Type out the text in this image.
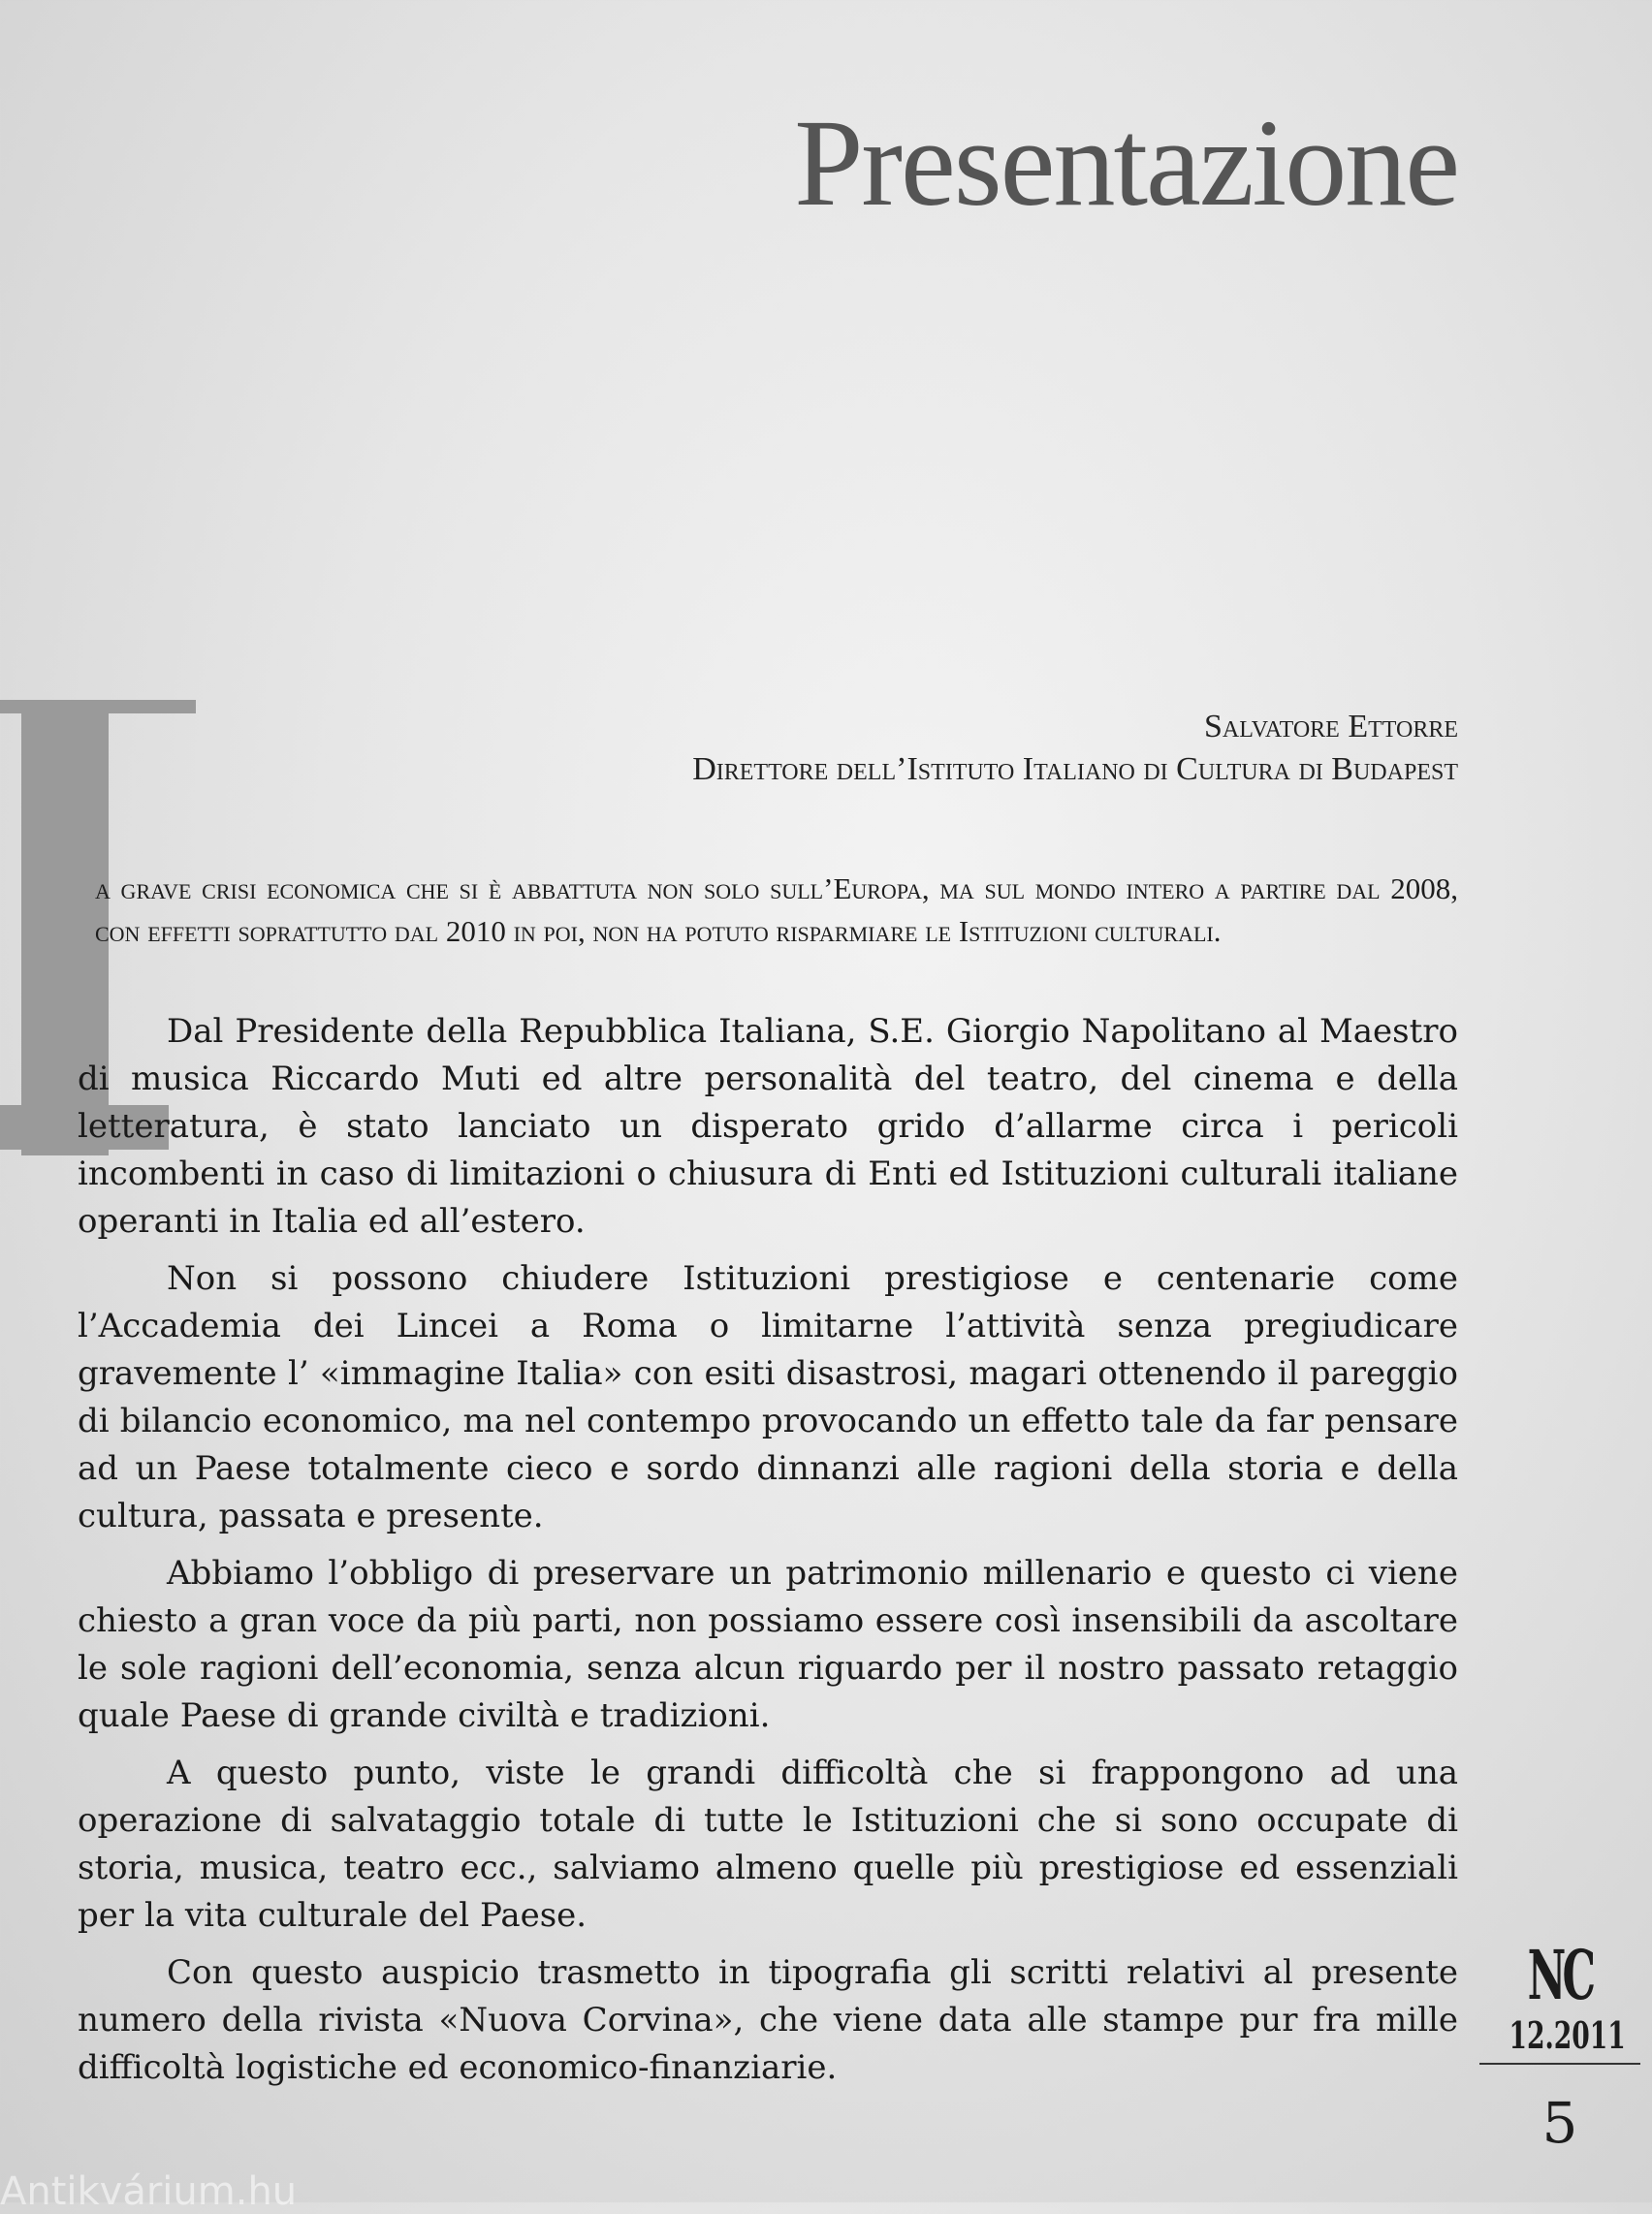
Presentazione
Salvatore Ettorre
Direttore dell’Istituto Italiano di Cultura di Budapest

a grave crisi economica che si è abbattuta non solo sull’Europa, ma sul mondo intero a partire dal 2008, con effetti soprattutto dal 2010 in poi, non ha potuto risparmiare le Istituzioni culturali.

Dal Presidente della Repubblica Italiana, S.E. Giorgio Napolitano al Maestro di musica Riccardo Muti ed altre personalità del teatro, del cinema e della letteratura, è stato lanciato un disperato grido d’allarme circa i pericoli incombenti in caso di limitazioni o chiusura di Enti ed Istituzioni culturali italiane operanti in Italia ed all’estero.

Non si possono chiudere Istituzioni prestigiose e centenarie come l’Accademia dei Lincei a Roma o limitarne l’attività senza pregiudicare gravemente l’ «immagine Italia» con esiti disastrosi, magari ottenendo il pareggio di bilancio economico, ma nel contempo provocando un effetto tale da far pensare ad un Paese totalmente cieco e sordo dinnanzi alle ragioni della storia e della cultura, passata e presente.

Abbiamo l’obbligo di preservare un patrimonio millenario e questo ci viene chiesto a gran voce da più parti, non possiamo essere così insensibili da ascoltare le sole ragioni dell’economia, senza alcun riguardo per il nostro passato retaggio quale Paese di grande civiltà e tradizioni.

A questo punto, viste le grandi difficoltà che si frappongono ad una operazione di salvataggio totale di tutte le Istituzioni che si sono occupate di storia, musica, teatro ecc., salviamo almeno quelle più prestigiose ed essenziali per la vita culturale del Paese.

Con questo auspicio trasmetto in tipografia gli scritti relativi al presente numero della rivista «Nuova Corvina», che viene data alle stampe pur fra mille difficoltà logistiche ed economico-finanziarie.

NC
12.2011
5
Antikvárium.hu
